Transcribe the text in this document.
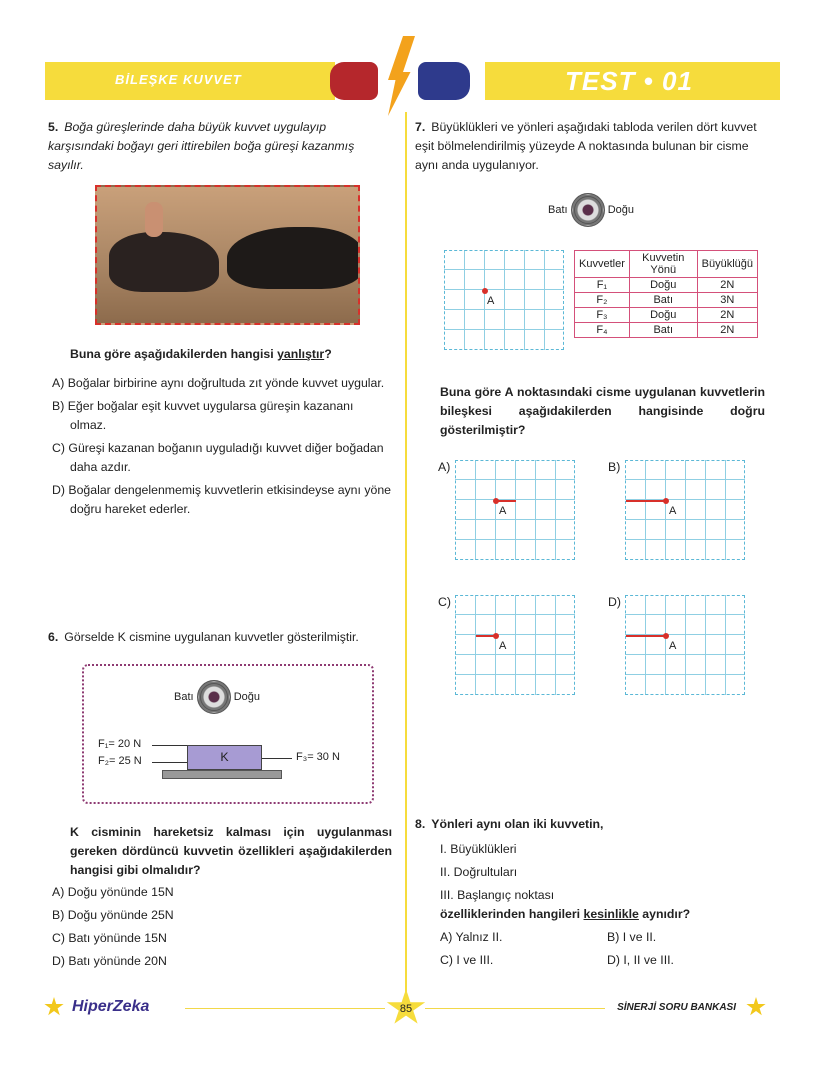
BİLEŞKE KUVVET	TEST • 01
5. Boğa güreşlerinde daha büyük kuvvet uygulayıp karşısındaki boğayı geri ittirebilen boğa güreşi kazanmış sayılır.
Buna göre aşağıdakilerden hangisi yanlıştır?
A) Boğalar birbirine aynı doğrultuda zıt yönde kuvvet uygular.
B) Eğer boğalar eşit kuvvet uygularsa güreşin kazananı olmaz.
C) Güreşi kazanan boğanın uyguladığı kuvvet diğer boğadan daha azdır.
D) Boğalar dengelenmemiş kuvvetlerin etkisindeyse aynı yöne doğru hareket ederler.
6. Görselde K cismine uygulanan kuvvetler gösterilmiştir.
Batı	Doğu
K
F₁= 20 N
F₂= 25 N	F₃= 30 N
K cisminin hareketsiz kalması için uygulanması gereken dördüncü kuvvetin özellikleri aşağıdakilerden hangisi gibi olmalıdır?
A) Doğu yönünde 15N
B) Doğu yönünde 25N
C) Batı yönünde 15N
D) Batı yönünde 20N
7. Büyüklükleri ve yönleri aşağıdaki tabloda verilen dört kuvvet eşit bölmelendirilmiş yüzeyde A noktasında bulunan bir cisme aynı anda uygulanıyor.
Batı	Doğu
A
Kuvvetler	Kuvvetin Yönü	Büyüklüğü
F₁	Doğu	2N
F₂	Batı	3N
F₃	Doğu	2N
F₄	Batı	2N
Buna göre A noktasındaki cisme uygulanan kuvvetlerin bileşkesi aşağıdakilerden hangisinde doğru gösterilmiştir?
A)
A
B)
A
C)
A
D)
A
8. Yönleri aynı olan iki kuvvetin,
I. Büyüklükleri
II. Doğrultuları
III. Başlangıç noktası
özelliklerinden hangileri kesinlikle aynıdır?
A) Yalnız II.	B) I ve II.
C) I ve III.	D) I, II ve III.
HiperZeka	85	SİNERJİ SORU BANKASI
